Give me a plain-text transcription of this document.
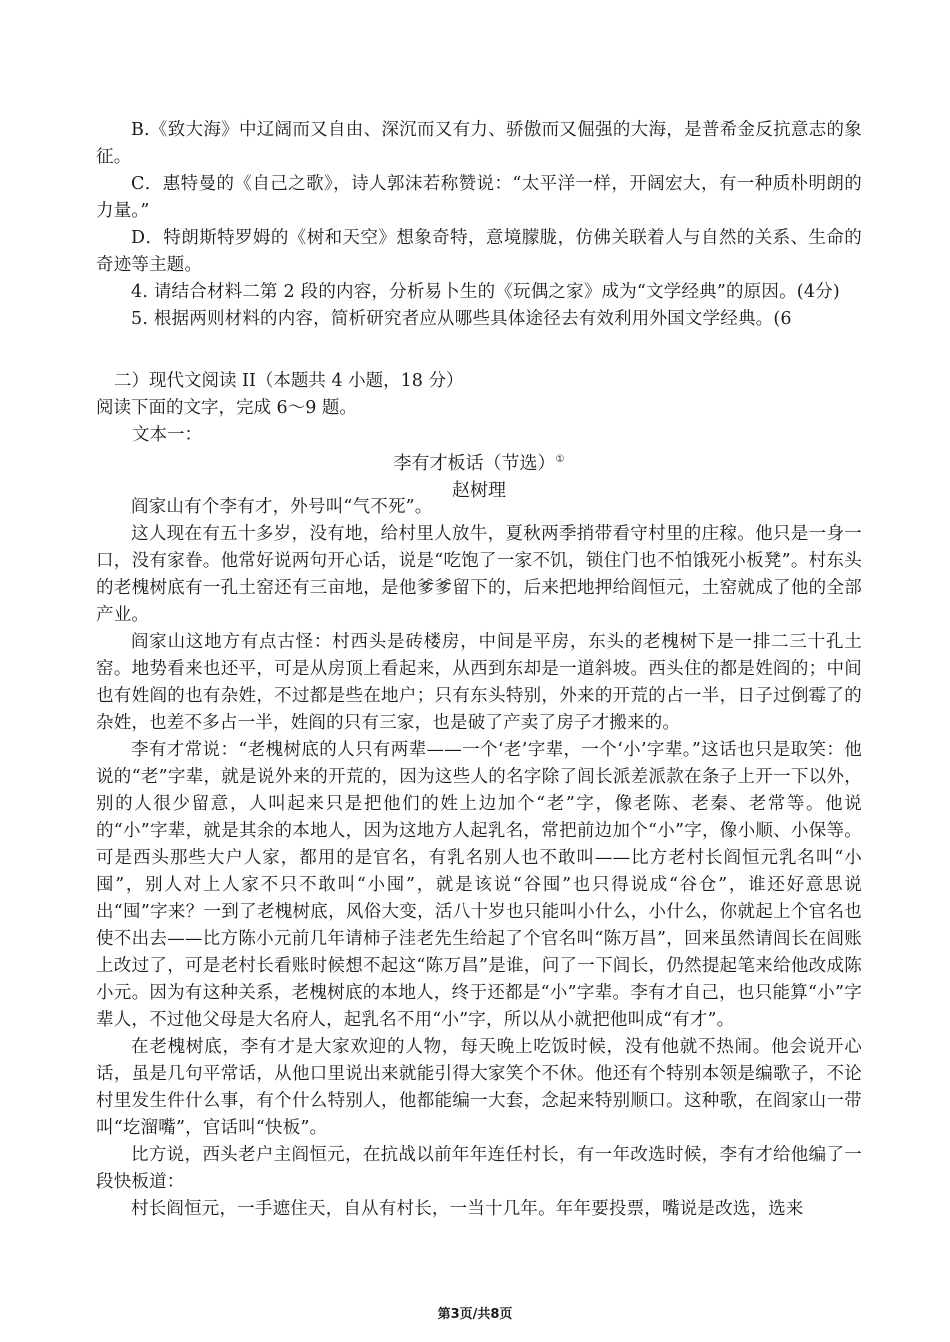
B.《致大海》中辽阔而又自由、深沉而又有力、骄傲而又倔强的大海，是普希金反抗意志的象征。

C．惠特曼的《自己之歌》，诗人郭沫若称赞说：“太平洋一样，开阔宏大，有一种质朴明朗的力量。”

D．特朗斯特罗姆的《树和天空》想象奇特，意境朦胧，仿佛关联着人与自然的关系、生命的奇迹等主题。

4. 请结合材料二第 2 段的内容，分析易卜生的《玩偶之家》成为“文学经典”的原因。(4分)

5. 根据两则材料的内容，简析研究者应从哪些具体途径去有效利用外国文学经典。(6

二）现代文阅读 II（本题共 4 小题，18 分）

阅读下面的文字，完成 6～9 题。

文本一：

李有才板话（节选）①

赵树理

阎家山有个李有才，外号叫“气不死”。

这人现在有五十多岁，没有地，给村里人放牛，夏秋两季捎带看守村里的庄稼。他只是一身一口，没有家眷。他常好说两句开心话，说是“吃饱了一家不饥，锁住门也不怕饿死小板凳”。村东头的老槐树底有一孔土窑还有三亩地，是他爹爹留下的，后来把地押给阎恒元，土窑就成了他的全部产业。

阎家山这地方有点古怪：村西头是砖楼房，中间是平房，东头的老槐树下是一排二三十孔土窑。地势看来也还平，可是从房顶上看起来，从西到东却是一道斜坡。西头住的都是姓阎的；中间也有姓阎的也有杂姓，不过都是些在地户；只有东头特别，外来的开荒的占一半，日子过倒霉了的杂姓，也差不多占一半，姓阎的只有三家，也是破了产卖了房子才搬来的。

李有才常说：“老槐树底的人只有两辈——一个‘老’字辈，一个‘小’字辈。”这话也只是取笑：他说的“老”字辈，就是说外来的开荒的，因为这些人的名字除了闾长派差派款在条子上开一下以外，别的人很少留意，人叫起来只是把他们的姓上边加个“老”字，像老陈、老秦、老常等。他说的“小”字辈，就是其余的本地人，因为这地方人起乳名，常把前边加个“小”字，像小顺、小保等。可是西头那些大户人家，都用的是官名，有乳名别人也不敢叫——比方老村长阎恒元乳名叫“小囤”，别人对上人家不只不敢叫“小囤”，就是该说“谷囤”也只得说成“谷仓”，谁还好意思说出“囤”字来？一到了老槐树底，风俗大变，活八十岁也只能叫小什么，小什么，你就起上个官名也使不出去——比方陈小元前几年请柿子洼老先生给起了个官名叫“陈万昌”，回来虽然请闾长在闾账上改过了，可是老村长看账时候想不起这“陈万昌”是谁，问了一下闾长，仍然提起笔来给他改成陈小元。因为有这种关系，老槐树底的本地人，终于还都是“小”字辈。李有才自己，也只能算“小”字辈人，不过他父母是大名府人，起乳名不用“小”字，所以从小就把他叫成“有才”。

在老槐树底，李有才是大家欢迎的人物，每天晚上吃饭时候，没有他就不热闹。他会说开心话，虽是几句平常话，从他口里说出来就能引得大家笑个不休。他还有个特别本领是编歌子，不论村里发生件什么事，有个什么特别人，他都能编一大套，念起来特别顺口。这种歌，在阎家山一带叫“圪溜嘴”，官话叫“快板”。

比方说，西头老户主阎恒元，在抗战以前年年连任村长，有一年改选时候，李有才给他编了一段快板道：

村长阎恒元，一手遮住天，自从有村长，一当十几年。年年要投票，嘴说是改选，选来

第3页/共8页
